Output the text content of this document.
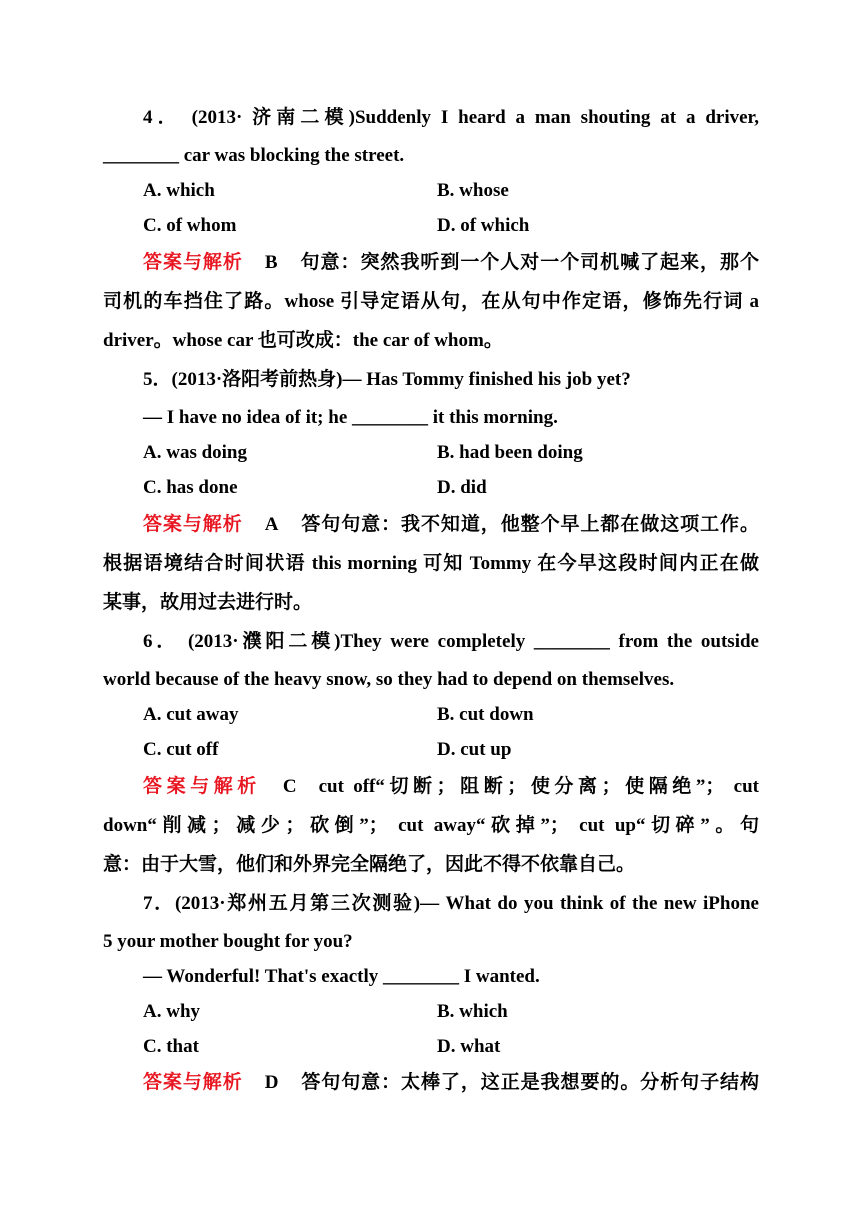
4． (2013· 济南二模)Suddenly I heard a man shouting at a driver,
________ car was blocking the street.
A. which	B. whose
C. of whom	D. of which
答案与解析 B 句意：突然我听到一个人对一个司机喊了起来，那个
司机的车挡住了路。whose 引导定语从句，在从句中作定语，修饰先行词 a
driver。whose car 也可改成：the car of whom。
5．(2013·洛阳考前热身)— Has Tommy finished his job yet?
— I have no idea of it; he ________ it this morning.
A. was doing	B. had been doing
C. has done	D. did
答案与解析 A 答句句意：我不知道，他整个早上都在做这项工作。
根据语境结合时间状语 this morning 可知 Tommy 在今早这段时间内正在做
某事，故用过去进行时。
6． (2013·濮阳二模)They were completely ________ from the outside
world because of the heavy snow, so they had to depend on themselves.
A. cut away	B. cut down
C. cut off	D. cut up
答案与解析 C cut off“切断；阻断；使分离；使隔绝”； cut
down“削减；减少；砍倒”； cut away“砍掉”； cut up“切碎”。句
意：由于大雪，他们和外界完全隔绝了，因此不得不依靠自己。
7．(2013·郑州五月第三次测验)— What do you think of the new iPhone
5 your mother bought for you?
— Wonderful! That's exactly ________ I wanted.
A. why	B. which
C. that	D. what
答案与解析 D 答句句意：太棒了，这正是我想要的。分析句子结构
